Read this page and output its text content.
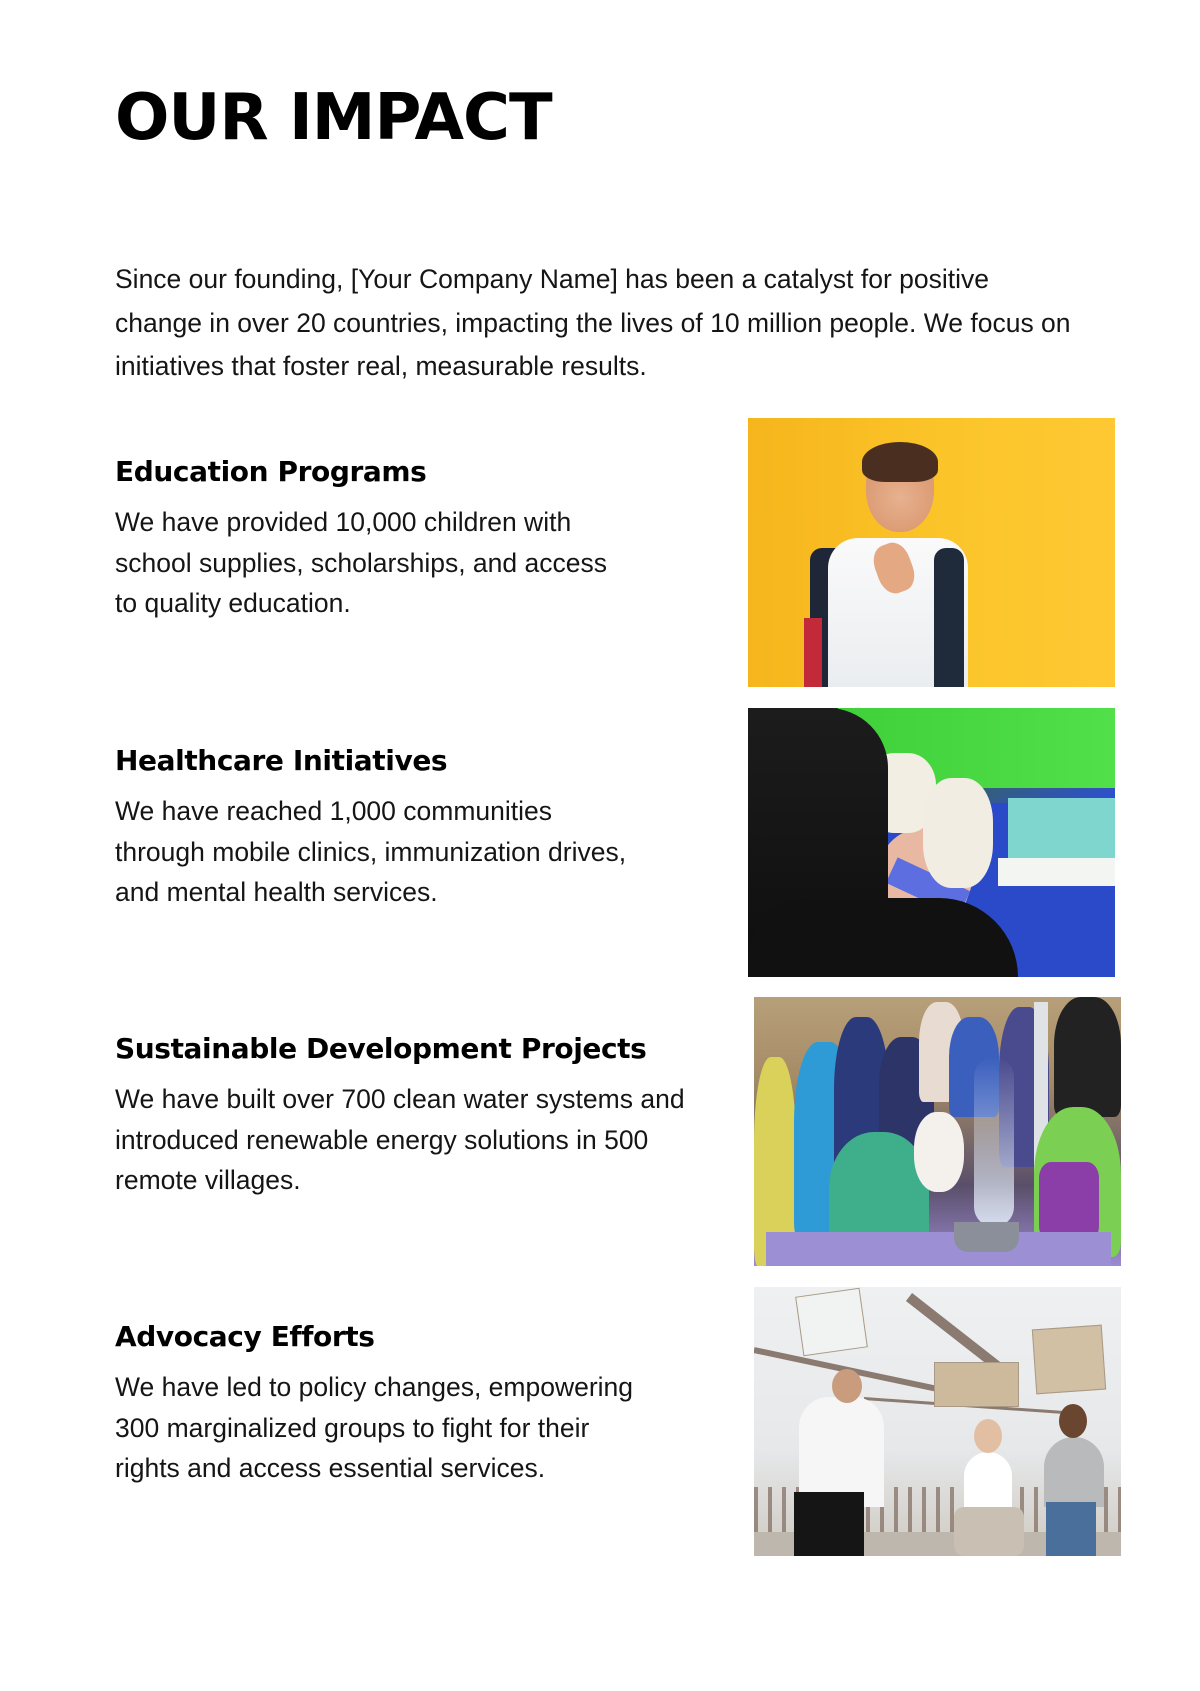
OUR IMPACT

Since our founding, [Your Company Name] has been a catalyst for positive change in over 20 countries, impacting the lives of 10 million people. We focus on initiatives that foster real, measurable results.

Education Programs

We have provided 10,000 children with school supplies, scholarships, and access to quality education.

Healthcare Initiatives

We have reached 1,000 communities through mobile clinics, immunization drives, and mental health services.

Sustainable Development Projects

We have built over 700 clean water systems and introduced renewable energy solutions in 500 remote villages.

Advocacy Efforts

We have led to policy changes, empowering 300 marginalized groups to fight for their rights and access essential services.
